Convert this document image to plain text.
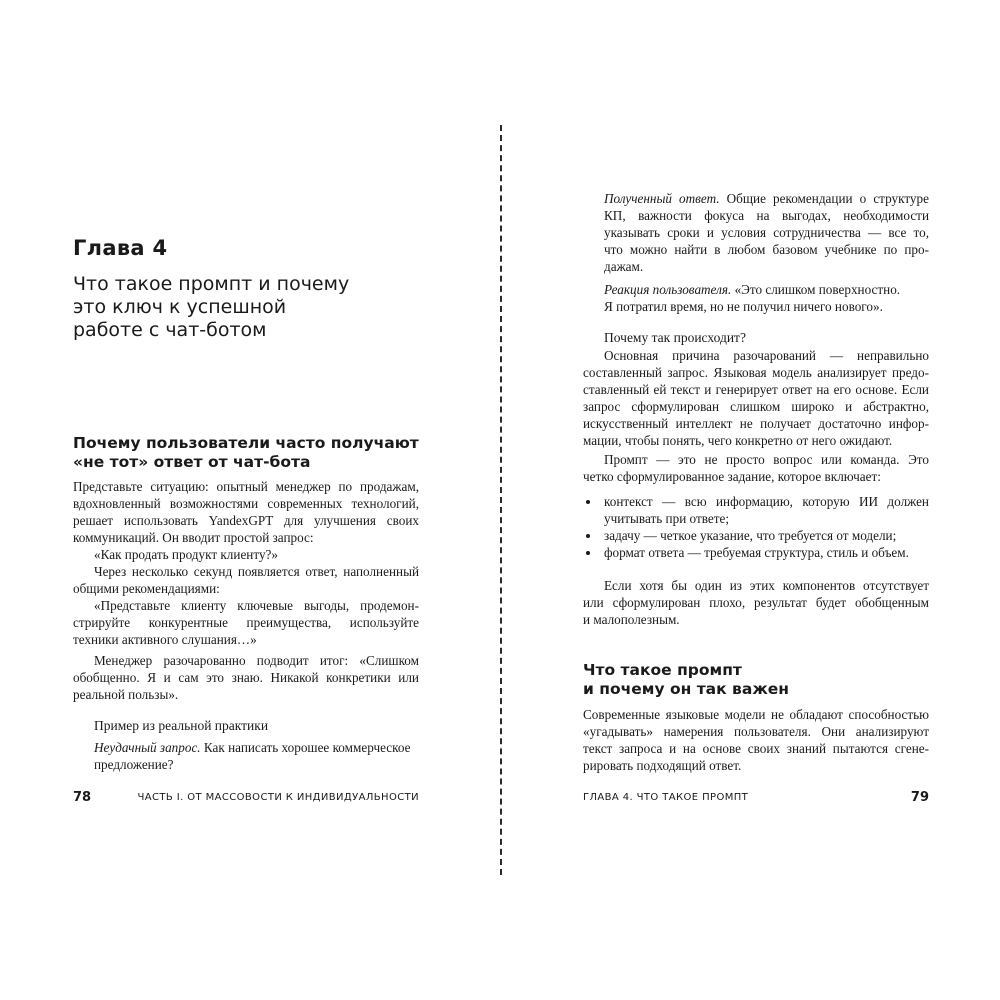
Глава 4
Что такое промпт и почему
это ключ к успешной
работе с чат-ботом
Почему пользователи часто получают
«не тот» ответ от чат-бота
Представьте ситуацию: опытный менеджер по продажам,
вдохновленный возможностями современных технологий,
решает использовать YandexGPT для улучшения своих
коммуникаций. Он вводит простой запрос:
«Как продать продукт клиенту?»
Через несколько секунд появляется ответ, наполненный
общими рекомендациями:
«Представьте клиенту ключевые выгоды, продемон-
стрируйте конкурентные преимущества, используйте
техники активного слушания…»
Менеджер разочарованно подводит итог: «Слишком
обобщенно. Я и сам это знаю. Никакой конкретики или
реальной пользы».
Пример из реальной практики
Неудачный запрос. Как написать хорошее коммерческое
предложение?
78	ЧАСТЬ I. ОТ МАССОВОСТИ К ИНДИВИДУАЛЬНОСТИ
Полученный ответ. Общие рекомендации о структуре
КП, важности фокуса на выгодах, необходимости
указывать сроки и условия сотрудничества — все то,
что можно найти в любом базовом учебнике по про-
дажам.
Реакция пользователя. «Это слишком поверхностно.
Я потратил время, но не получил ничего нового».
Почему так происходит?
Основная причина разочарований — неправильно
составленный запрос. Языковая модель анализирует предо-
ставленный ей текст и генерирует ответ на его основе. Если
запрос сформулирован слишком широко и абстрактно,
искусственный интеллект не получает достаточно инфор-
мации, чтобы понять, чего конкретно от него ожидают.
Промпт — это не просто вопрос или команда. Это
четко сформулированное задание, которое включает:
контекст — всю информацию, которую ИИ должен
учитывать при ответе;
задачу — четкое указание, что требуется от модели;
формат ответа — требуемая структура, стиль и объем.
Если хотя бы один из этих компонентов отсутствует
или сформулирован плохо, результат будет обобщенным
и малополезным.
Что такое промпт
и почему он так важен
Современные языковые модели не обладают способностью
«угадывать» намерения пользователя. Они анализируют
текст запроса и на основе своих знаний пытаются сгене-
рировать подходящий ответ.
ГЛАВА 4. ЧТО ТАКОЕ ПРОМПТ	79
